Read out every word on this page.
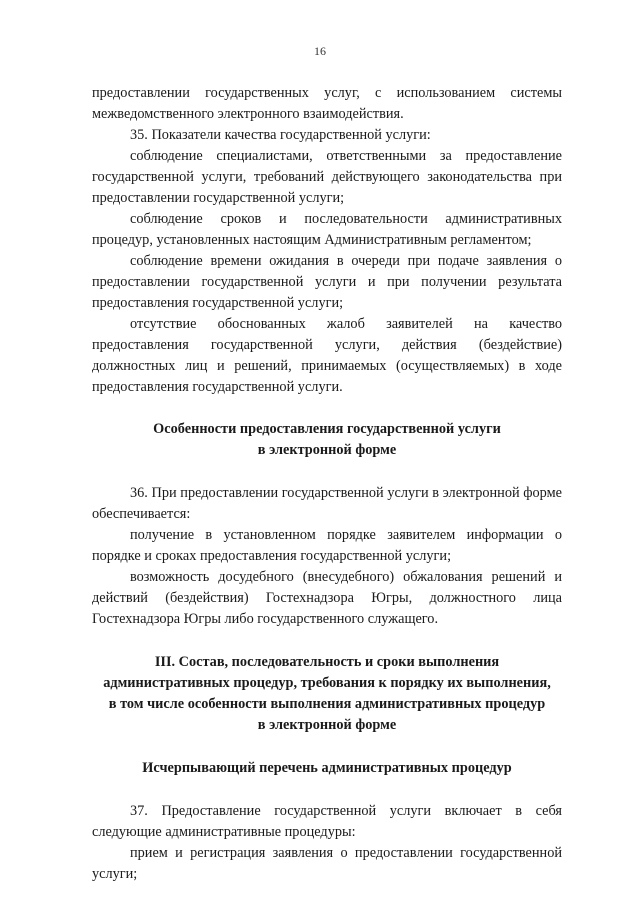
16

предоставлении государственных услуг, с использованием системы межведомственного электронного взаимодействия.

35. Показатели качества государственной услуги:

соблюдение специалистами, ответственными за предоставление государственной услуги, требований действующего законодательства при предоставлении государственной услуги;

соблюдение сроков и последовательности административных процедур, установленных настоящим Административным регламентом;

соблюдение времени ожидания в очереди при подаче заявления о предоставлении государственной услуги и при получении результата предоставления государственной услуги;

отсутствие обоснованных жалоб заявителей на качество предоставления государственной услуги, действия (бездействие) должностных лиц и решений, принимаемых (осуществляемых) в ходе предоставления государственной услуги.

Особенности предоставления государственной услуги
в электронной форме

36. При предоставлении государственной услуги в электронной форме обеспечивается:

получение в установленном порядке заявителем информации о порядке и сроках предоставления государственной услуги;

возможность досудебного (внесудебного) обжалования решений и действий (бездействия) Гостехнадзора Югры, должностного лица Гостехнадзора Югры либо государственного служащего.

III. Состав, последовательность и сроки выполнения
административных процедур, требования к порядку их выполнения,
в том числе особенности выполнения административных процедур
в электронной форме
Исчерпывающий перечень административных процедур

37. Предоставление государственной услуги включает в себя следующие административные процедуры:

прием и регистрация заявления о предоставлении государственной услуги;
